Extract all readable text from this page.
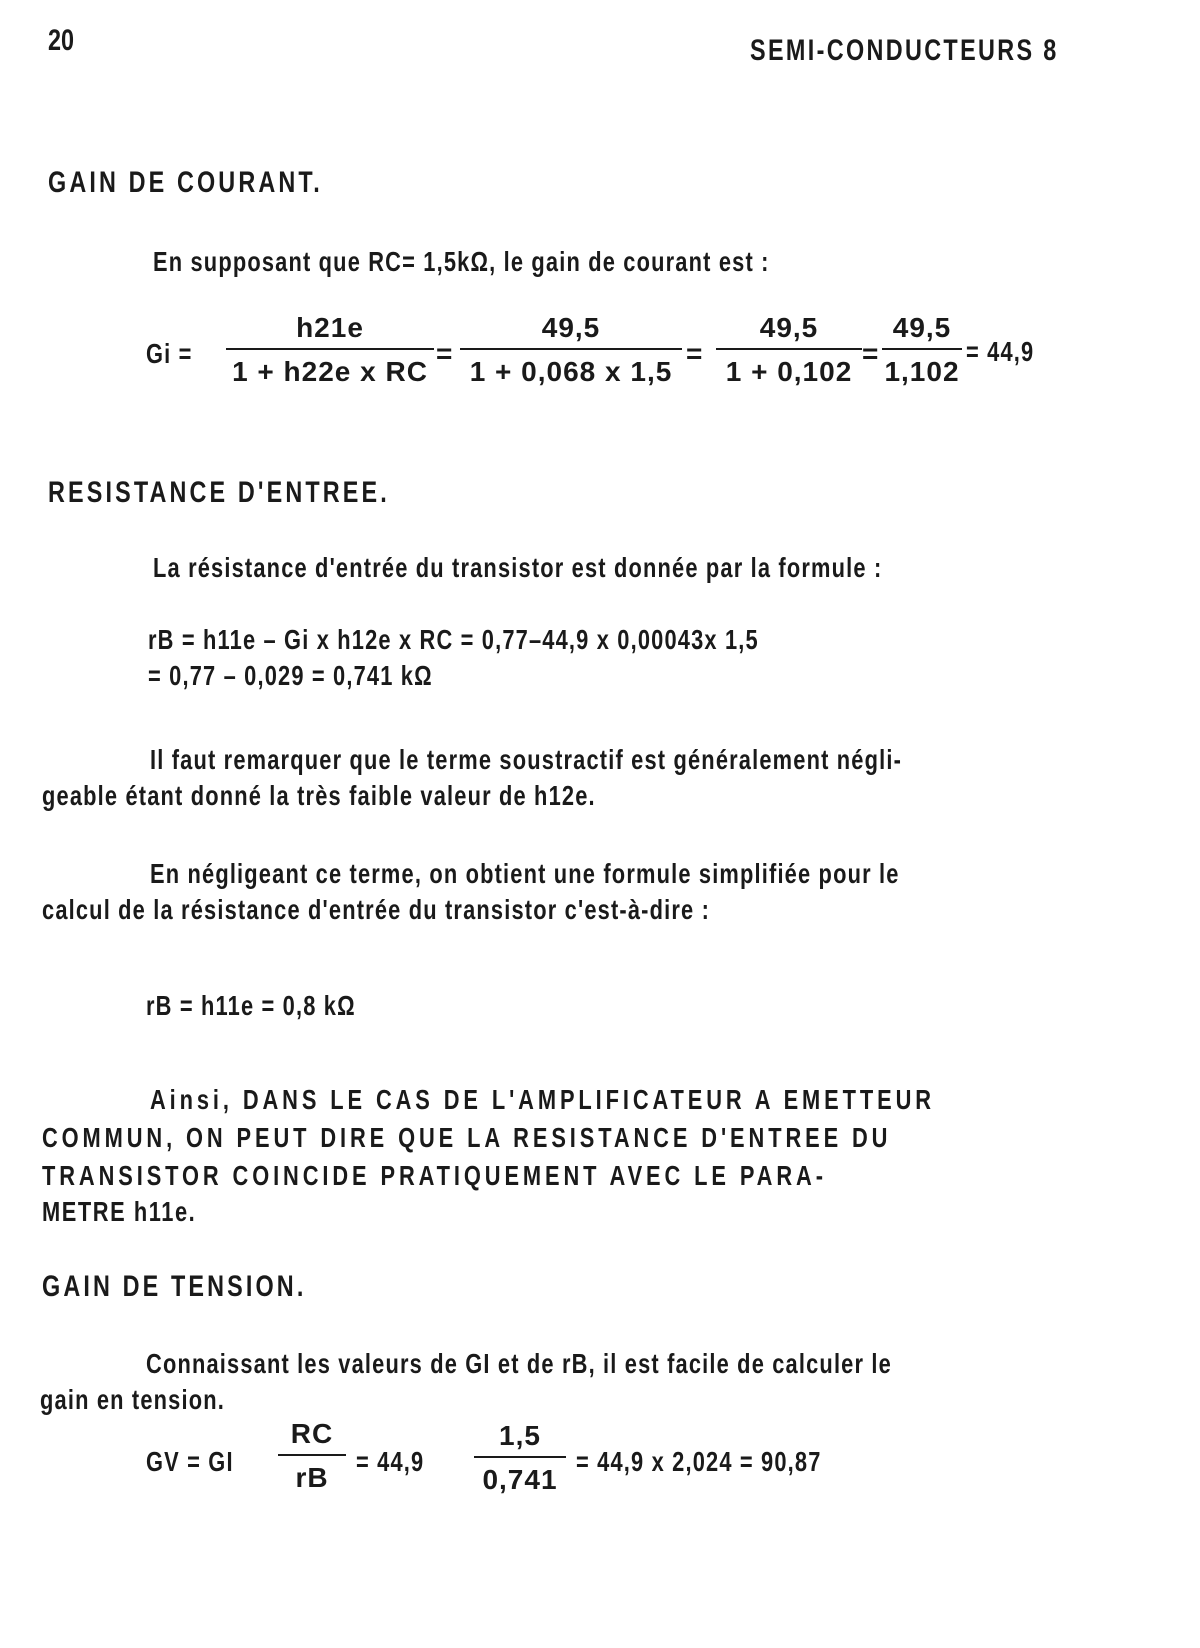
20	SEMI-CONDUCTEURS 8
GAIN DE COURANT.
En supposant que RC= 1,5kΩ, le gain de courant est :
Gi =
h21e
1 + h22e x RC
=
49,5
1 + 0,068 x 1,5
=
49,5
1 + 0,102
=
49,5
1,102
= 44,9
RESISTANCE D'ENTREE.
La résistance d'entrée du transistor est donnée par la formule :
rB = h11e – Gi x h12e x RC = 0,77–44,9 x 0,00043x 1,5
= 0,77 – 0,029 = 0,741 kΩ
Il faut remarquer que le terme soustractif est généralement négli-
geable étant donné la très faible valeur de h12e.
En négligeant ce terme, on obtient une formule simplifiée pour le
calcul de la résistance d'entrée du transistor c'est-à-dire :
rB = h11e = 0,8 kΩ
Ainsi, DANS LE CAS DE L'AMPLIFICATEUR A EMETTEUR
COMMUN, ON PEUT DIRE QUE LA RESISTANCE D'ENTREE DU
TRANSISTOR COINCIDE PRATIQUEMENT AVEC LE PARA-
METRE h11e.
GAIN DE TENSION.
Connaissant les valeurs de GI et de rB, il est facile de calculer le
gain en tension.
GV = GI
RC
rB
= 44,9
1,5
0,741
= 44,9 x 2,024 = 90,87
